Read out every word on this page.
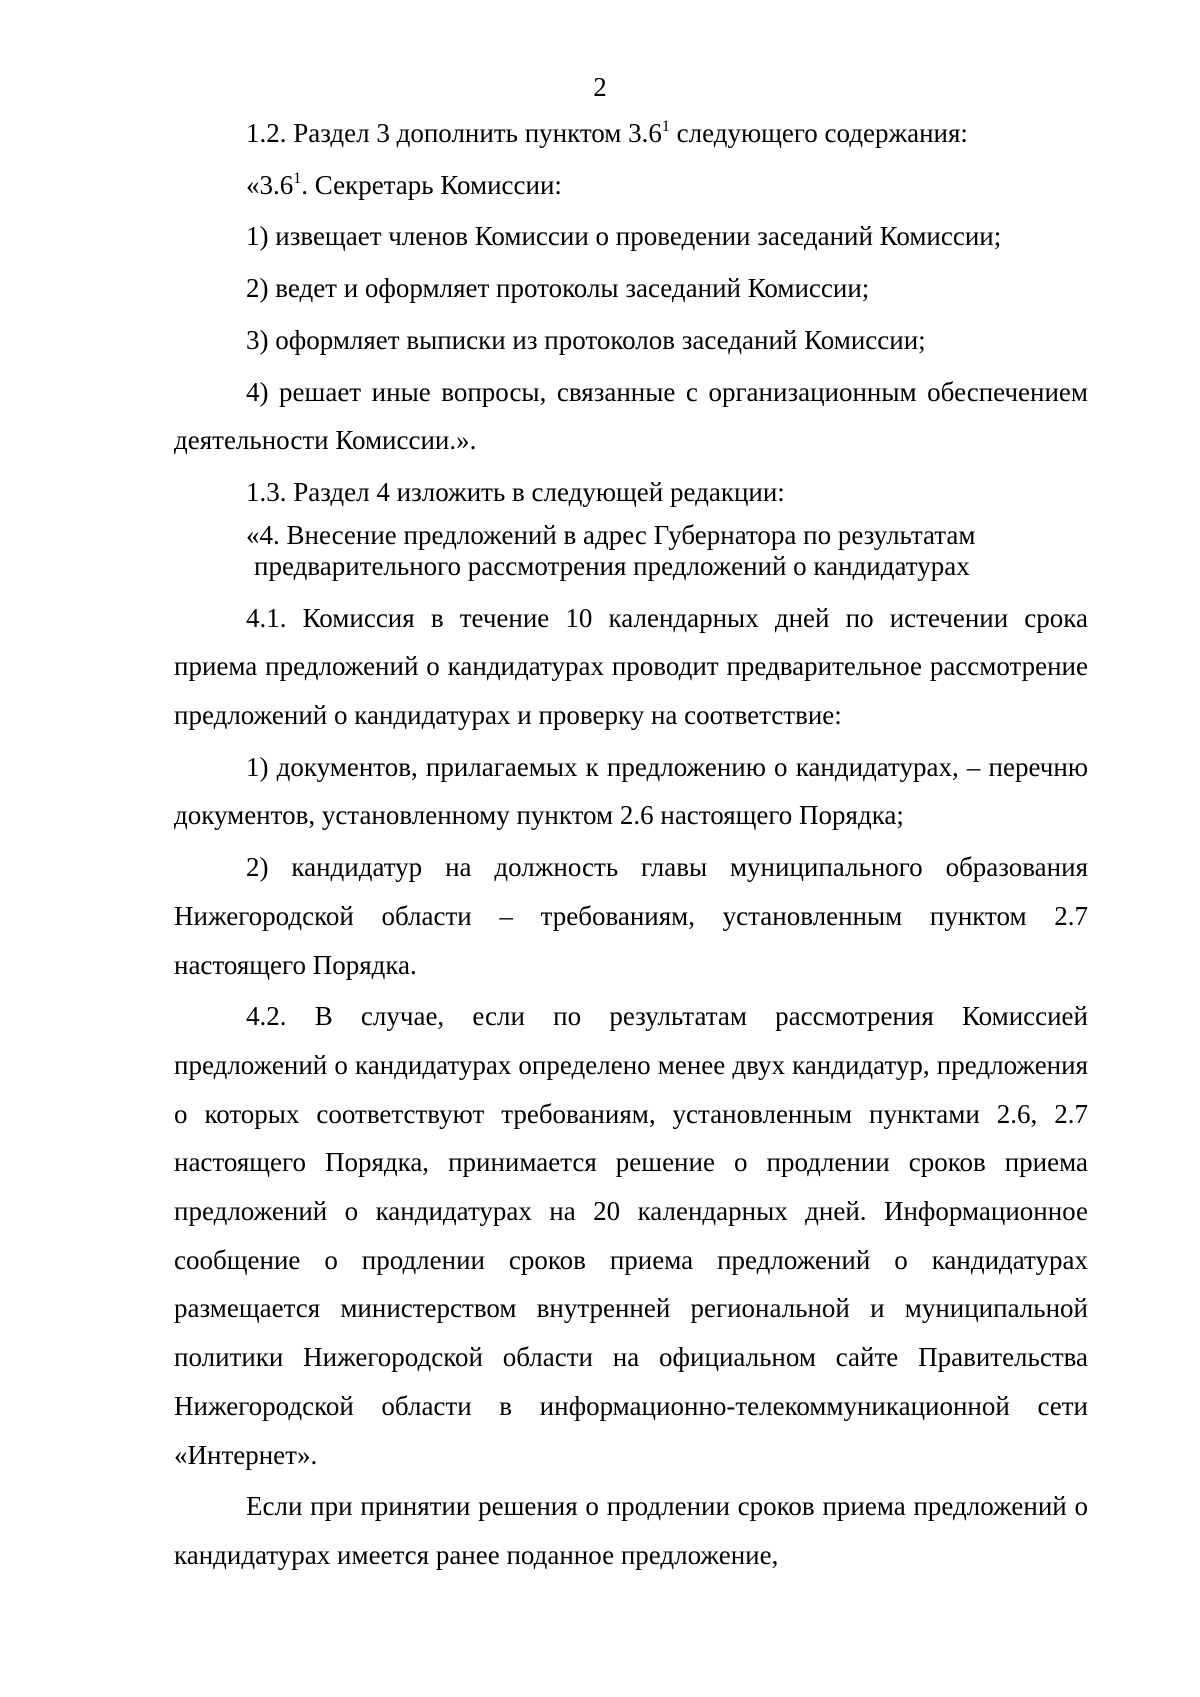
2

1.2. Раздел 3 дополнить пунктом $3.6^1$ следующего содержания:

«$3.6^1$. Секретарь Комиссии:

1) извещает членов Комиссии о проведении заседаний Комиссии;

2) ведет и оформляет протоколы заседаний Комиссии;

3) оформляет выписки из протоколов заседаний Комиссии;

4) решает иные вопросы, связанные с организационным обеспечением деятельности Комиссии.».

1.3. Раздел 4 изложить в следующей редакции:

«4. Внесение предложений в адрес Губернатора по результатам
предварительного рассмотрения предложений о кандидатурах

4.1. Комиссия в течение 10 календарных дней по истечении срока приема предложений о кандидатурах проводит предварительное рассмотрение предложений о кандидатурах и проверку на соответствие:

1) документов, прилагаемых к предложению о кандидатурах, – перечню документов, установленному пунктом 2.6 настоящего Порядка;

2) кандидатур на должность главы муниципального образования Нижегородской области – требованиям, установленным пунктом 2.7 настоящего Порядка.

4.2. В случае, если по результатам рассмотрения Комиссией предложений о кандидатурах определено менее двух кандидатур, предложения о которых соответствуют требованиям, установленным пунктами 2.6, 2.7 настоящего Порядка, принимается решение о продлении сроков приема предложений о кандидатурах на 20 календарных дней. Информационное сообщение о продлении сроков приема предложений о кандидатурах размещается министерством внутренней региональной и муниципальной политики Нижегородской области на официальном сайте Правительства Нижегородской области в информационно-телекоммуникационной сети «Интернет».

Если при принятии решения о продлении сроков приема предложений о кандидатурах имеется ранее поданное предложение,
